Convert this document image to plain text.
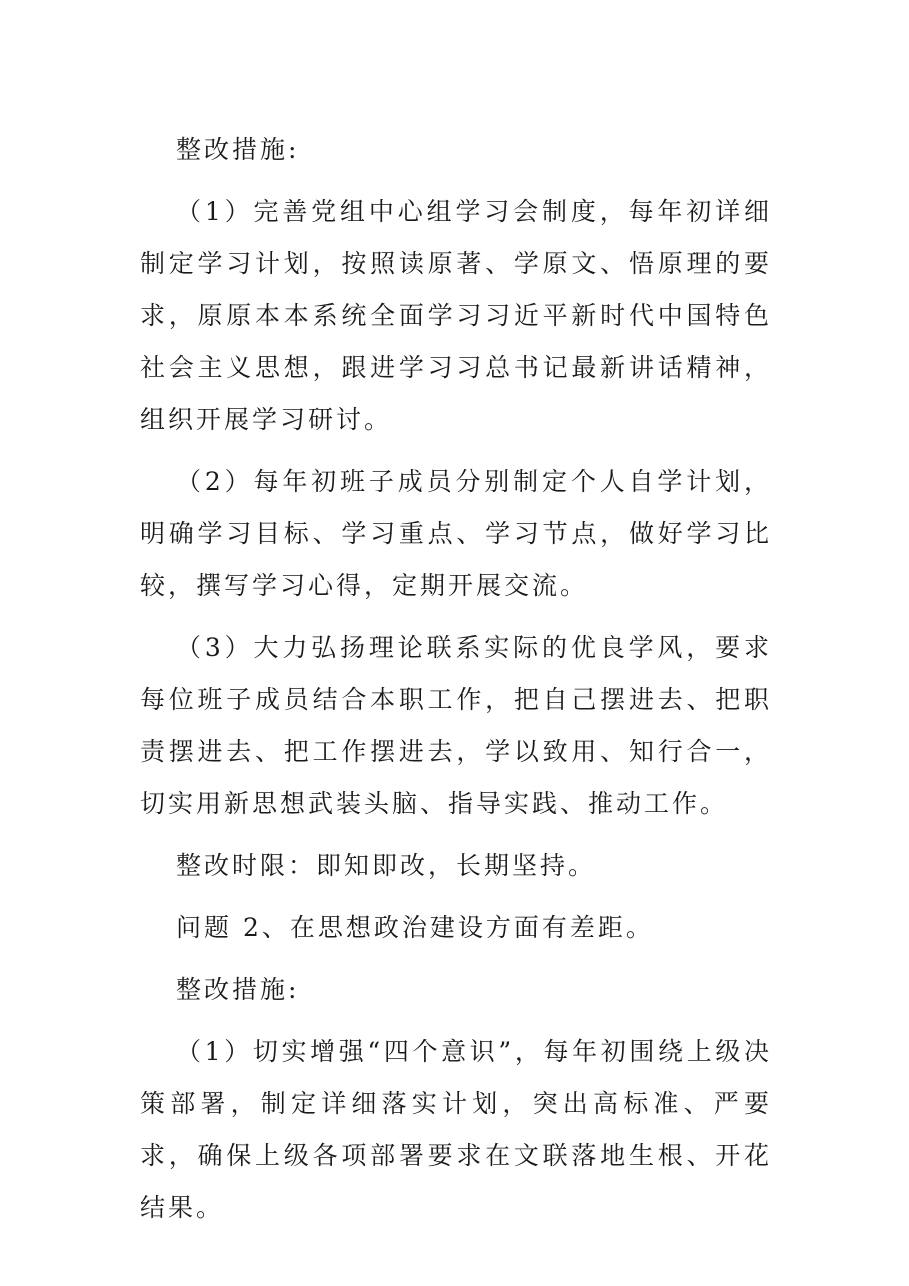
整改措施:

（1）完善党组中心组学习会制度，每年初详细制定学习计划，按照读原著、学原文、悟原理的要求，原原本本系统全面学习习近平新时代中国特色社会主义思想，跟进学习习总书记最新讲话精神，组织开展学习研讨。

（2）每年初班子成员分别制定个人自学计划，明确学习目标、学习重点、学习节点，做好学习比较，撰写学习心得，定期开展交流。

（3）大力弘扬理论联系实际的优良学风，要求每位班子成员结合本职工作，把自己摆进去、把职责摆进去、把工作摆进去，学以致用、知行合一，切实用新思想武装头脑、指导实践、推动工作。

整改时限：即知即改，长期坚持。

问题 2、在思想政治建设方面有差距。

整改措施:

（1）切实增强“四个意识”，每年初围绕上级决策部署，制定详细落实计划，突出高标准、严要求，确保上级各项部署要求在文联落地生根、开花结果。
